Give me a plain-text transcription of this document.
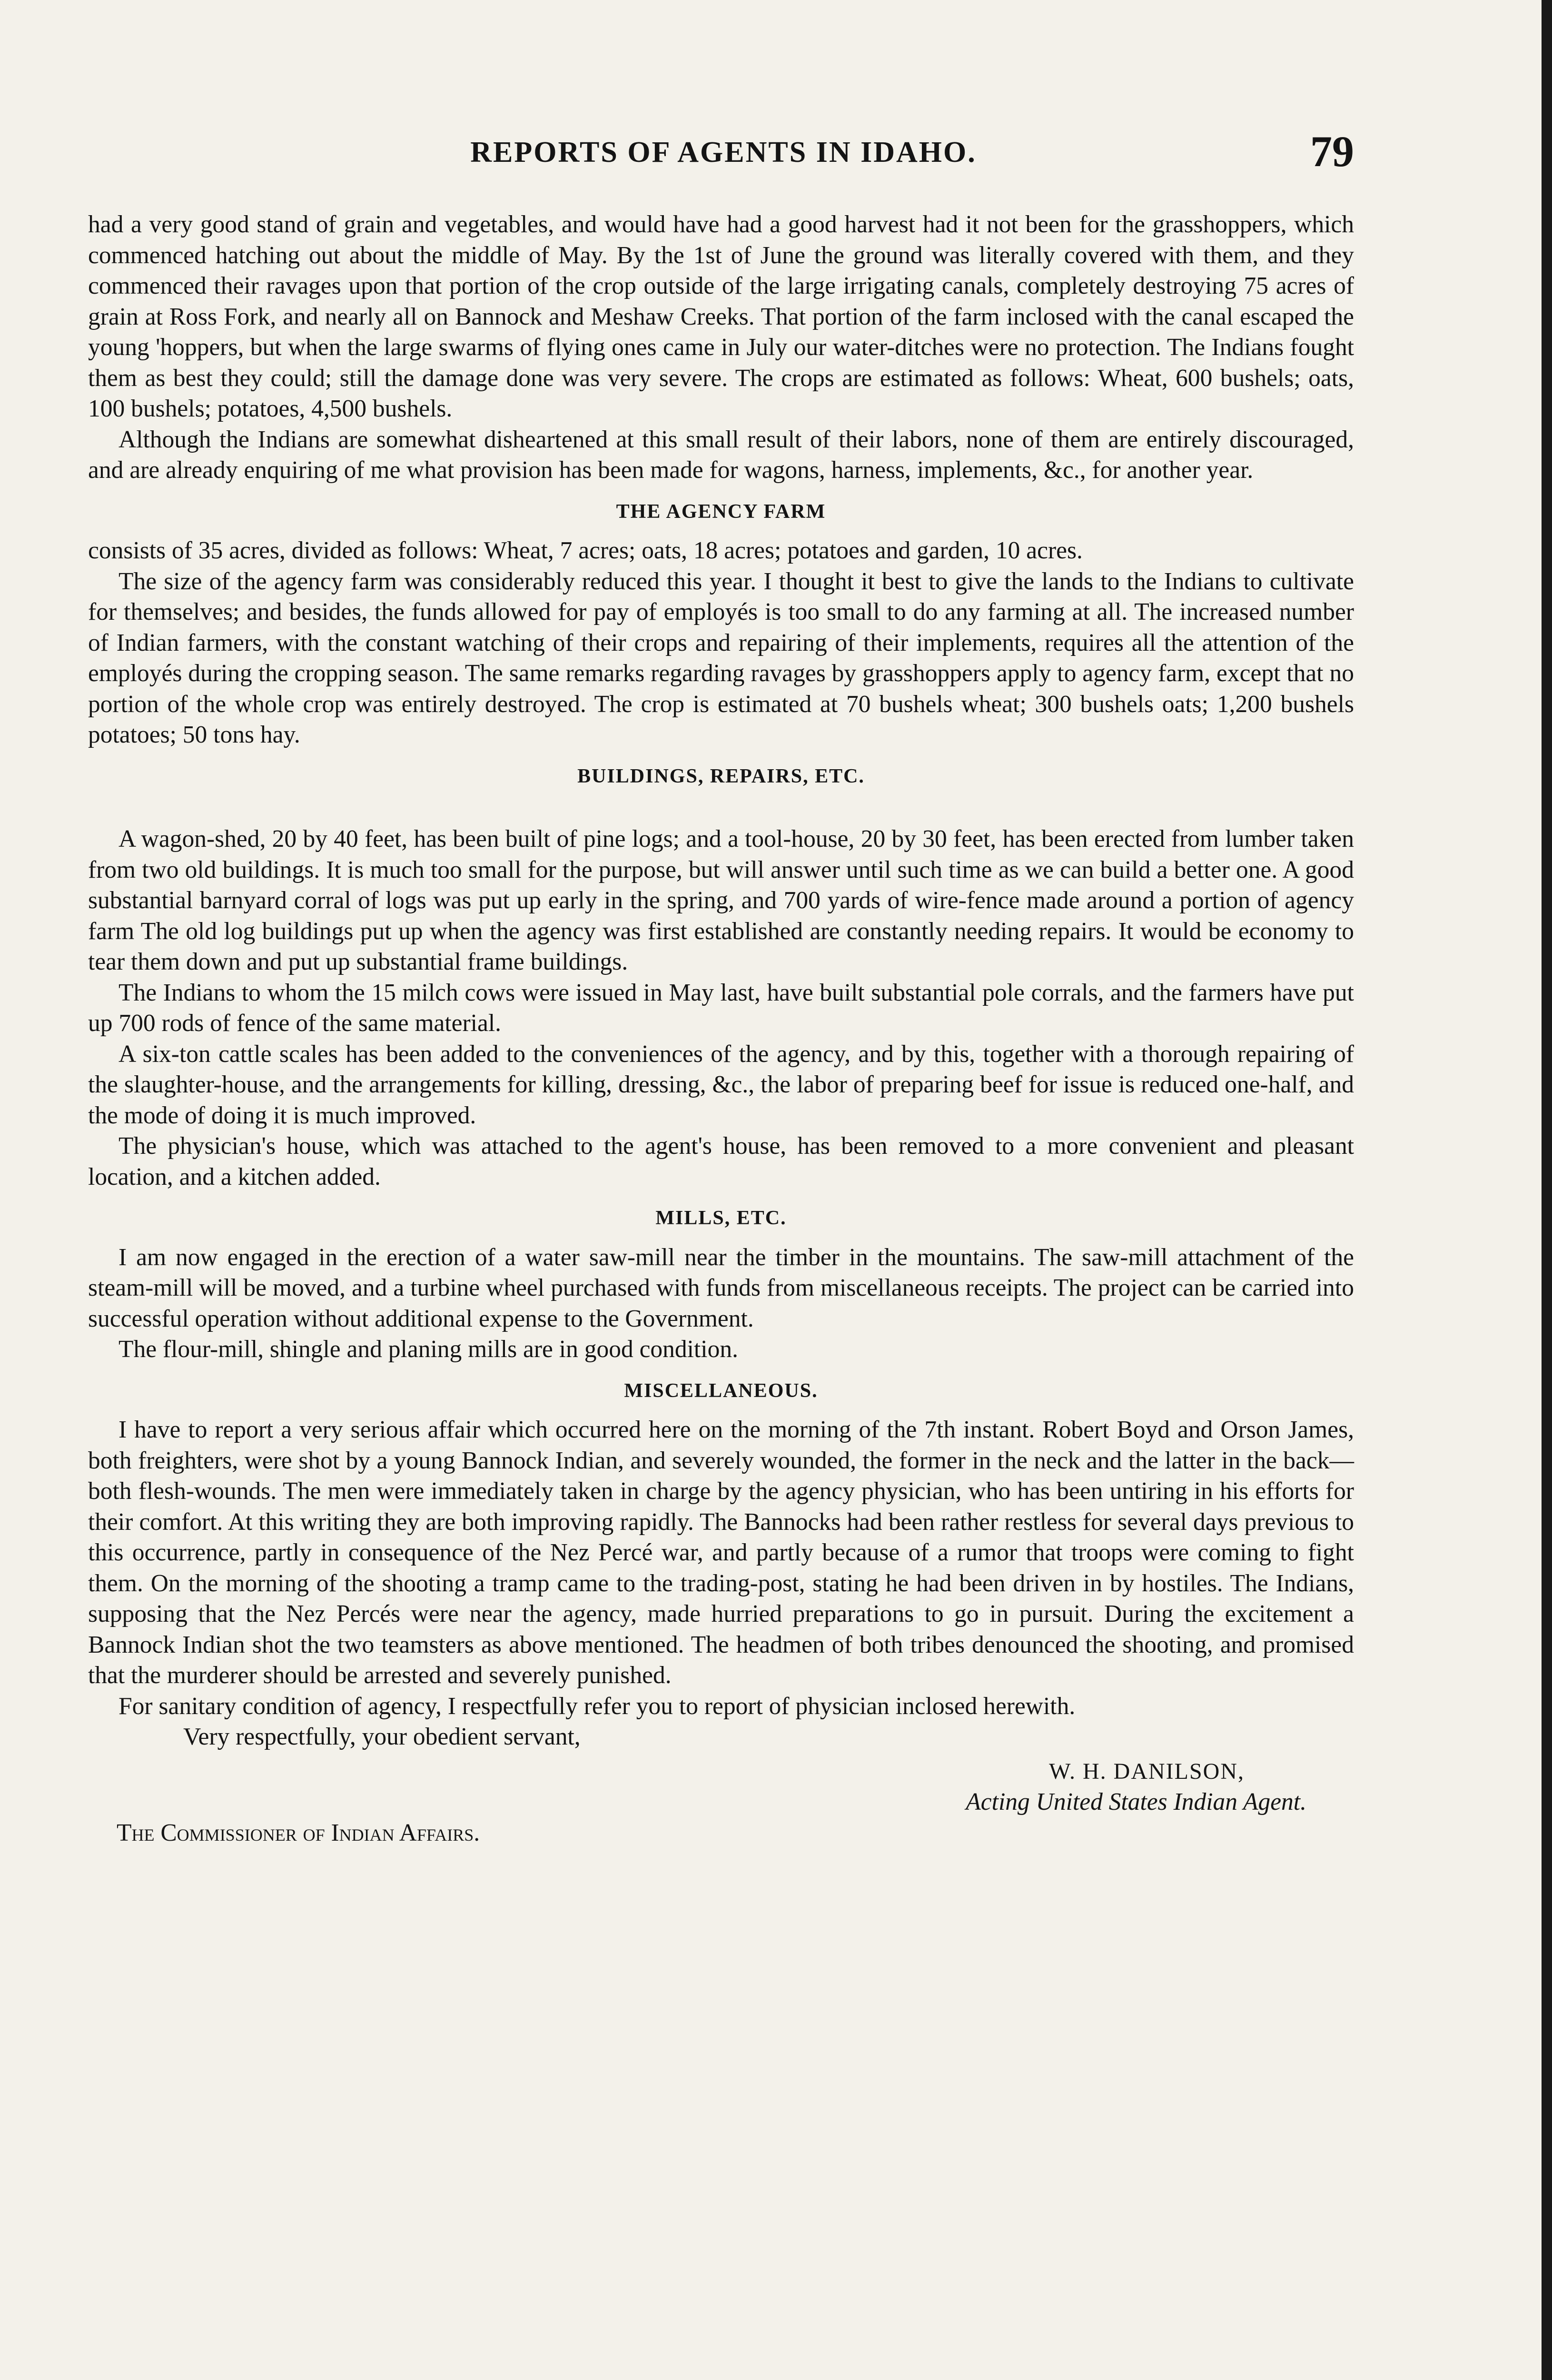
REPORTS OF AGENTS IN IDAHO.	79

had a very good stand of grain and vegetables, and would have had a good harvest had it not been for the grasshoppers, which commenced hatching out about the middle of May. By the 1st of June the ground was literally covered with them, and they commenced their ravages upon that portion of the crop outside of the large irrigating canals, completely destroying 75 acres of grain at Ross Fork, and nearly all on Bannock and Meshaw Creeks. That portion of the farm inclosed with the canal escaped the young 'hoppers, but when the large swarms of flying ones came in July our water-ditches were no protection. The Indians fought them as best they could; still the damage done was very severe. The crops are estimated as follows: Wheat, 600 bushels; oats, 100 bushels; potatoes, 4,500 bushels.

Although the Indians are somewhat disheartened at this small result of their labors, none of them are entirely discouraged, and are already enquiring of me what provision has been made for wagons, harness, implements, &c., for another year.

THE AGENCY FARM

consists of 35 acres, divided as follows: Wheat, 7 acres; oats, 18 acres; potatoes and garden, 10 acres.

The size of the agency farm was considerably reduced this year. I thought it best to give the lands to the Indians to cultivate for themselves; and besides, the funds allowed for pay of employés is too small to do any farming at all. The increased number of Indian farmers, with the constant watching of their crops and repairing of their implements, requires all the attention of the employés during the cropping season. The same remarks regarding ravages by grasshoppers apply to agency farm, except that no portion of the whole crop was entirely destroyed. The crop is estimated at 70 bushels wheat; 300 bushels oats; 1,200 bushels potatoes; 50 tons hay.

BUILDINGS, REPAIRS, ETC.

A wagon-shed, 20 by 40 feet, has been built of pine logs; and a tool-house, 20 by 30 feet, has been erected from lumber taken from two old buildings. It is much too small for the purpose, but will answer until such time as we can build a better one. A good substantial barnyard corral of logs was put up early in the spring, and 700 yards of wire-fence made around a portion of agency farm The old log buildings put up when the agency was first established are constantly needing repairs. It would be economy to tear them down and put up substantial frame buildings.

The Indians to whom the 15 milch cows were issued in May last, have built substantial pole corrals, and the farmers have put up 700 rods of fence of the same material.

A six-ton cattle scales has been added to the conveniences of the agency, and by this, together with a thorough repairing of the slaughter-house, and the arrangements for killing, dressing, &c., the labor of preparing beef for issue is reduced one-half, and the mode of doing it is much improved.

The physician's house, which was attached to the agent's house, has been removed to a more convenient and pleasant location, and a kitchen added.

MILLS, ETC.

I am now engaged in the erection of a water saw-mill near the timber in the mountains. The saw-mill attachment of the steam-mill will be moved, and a turbine wheel purchased with funds from miscellaneous receipts. The project can be carried into successful operation without additional expense to the Government.

The flour-mill, shingle and planing mills are in good condition.

MISCELLANEOUS.

I have to report a very serious affair which occurred here on the morning of the 7th instant. Robert Boyd and Orson James, both freighters, were shot by a young Bannock Indian, and severely wounded, the former in the neck and the latter in the back—both flesh-wounds. The men were immediately taken in charge by the agency physician, who has been untiring in his efforts for their comfort. At this writing they are both improving rapidly. The Bannocks had been rather restless for several days previous to this occurrence, partly in consequence of the Nez Percé war, and partly because of a rumor that troops were coming to fight them. On the morning of the shooting a tramp came to the trading-post, stating he had been driven in by hostiles. The Indians, supposing that the Nez Percés were near the agency, made hurried preparations to go in pursuit. During the excitement a Bannock Indian shot the two teamsters as above mentioned. The headmen of both tribes denounced the shooting, and promised that the murderer should be arrested and severely punished.

For sanitary condition of agency, I respectfully refer you to report of physician inclosed herewith.

Very respectfully, your obedient servant,

W. H. DANILSON,
Acting United States Indian Agent.
The Commissioner of Indian Affairs.
